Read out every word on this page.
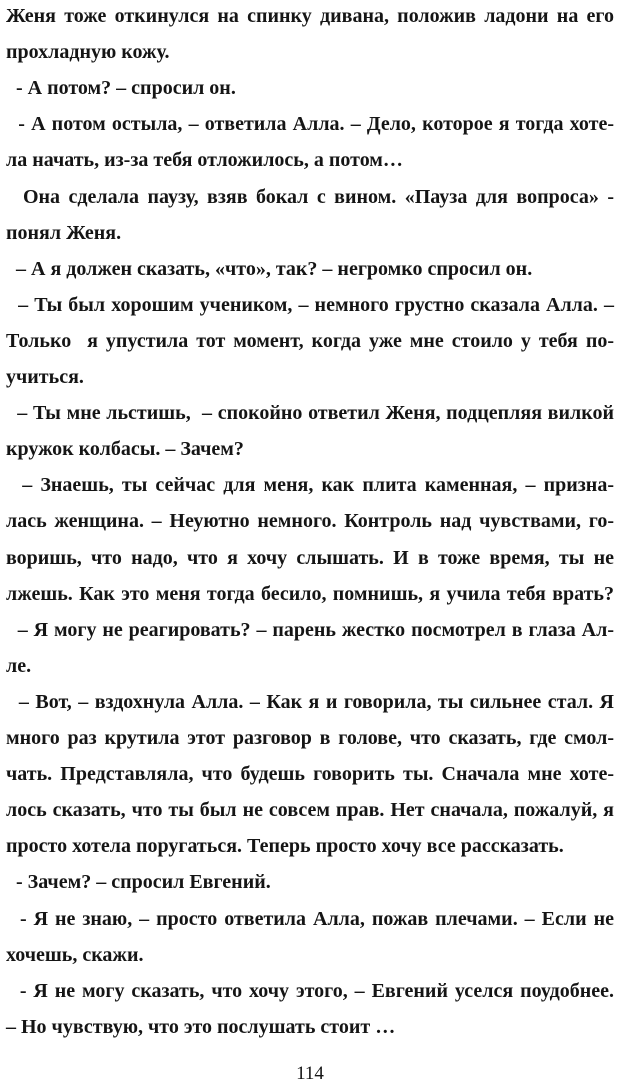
Женя тоже откинулся на спинку дивана, положив ладони на его
прохладную кожу.
- А потом? – спросил он.
- А потом остыла, – ответила Алла. – Дело, которое я тогда хоте-
ла начать, из-за тебя отложилось, а потом…
Она сделала паузу, взяв бокал с вином. «Пауза для вопроса» -
понял Женя.
– А я должен сказать, «что», так? – негромко спросил он.
– Ты был хорошим учеником, – немного грустно сказала Алла. –
Только  я упустила тот момент, когда уже мне стоило у тебя по-
учиться.
– Ты мне льстишь,  – спокойно ответил Женя, подцепляя вилкой
кружок колбасы. – Зачем?
– Знаешь, ты сейчас для меня, как плита каменная, – призна-
лась женщина. – Неуютно немного. Контроль над чувствами, го-
воришь, что надо, что я хочу слышать. И в тоже время, ты не
лжешь. Как это меня тогда бесило, помнишь, я учила тебя врать?
– Я могу не реагировать? – парень жестко посмотрел в глаза Ал-
ле.
– Вот, – вздохнула Алла. – Как я и говорила, ты сильнее стал. Я
много раз крутила этот разговор в голове, что сказать, где смол-
чать. Представляла, что будешь говорить ты. Сначала мне хоте-
лось сказать, что ты был не совсем прав. Нет сначала, пожалуй, я
просто хотела поругаться. Теперь просто хочу все рассказать.
- Зачем? – спросил Евгений.
- Я не знаю, – просто ответила Алла, пожав плечами. – Если не
хочешь, скажи.
- Я не могу сказать, что хочу этого, – Евгений уселся поудобнее.
– Но чувствую, что это послушать стоит …
114
